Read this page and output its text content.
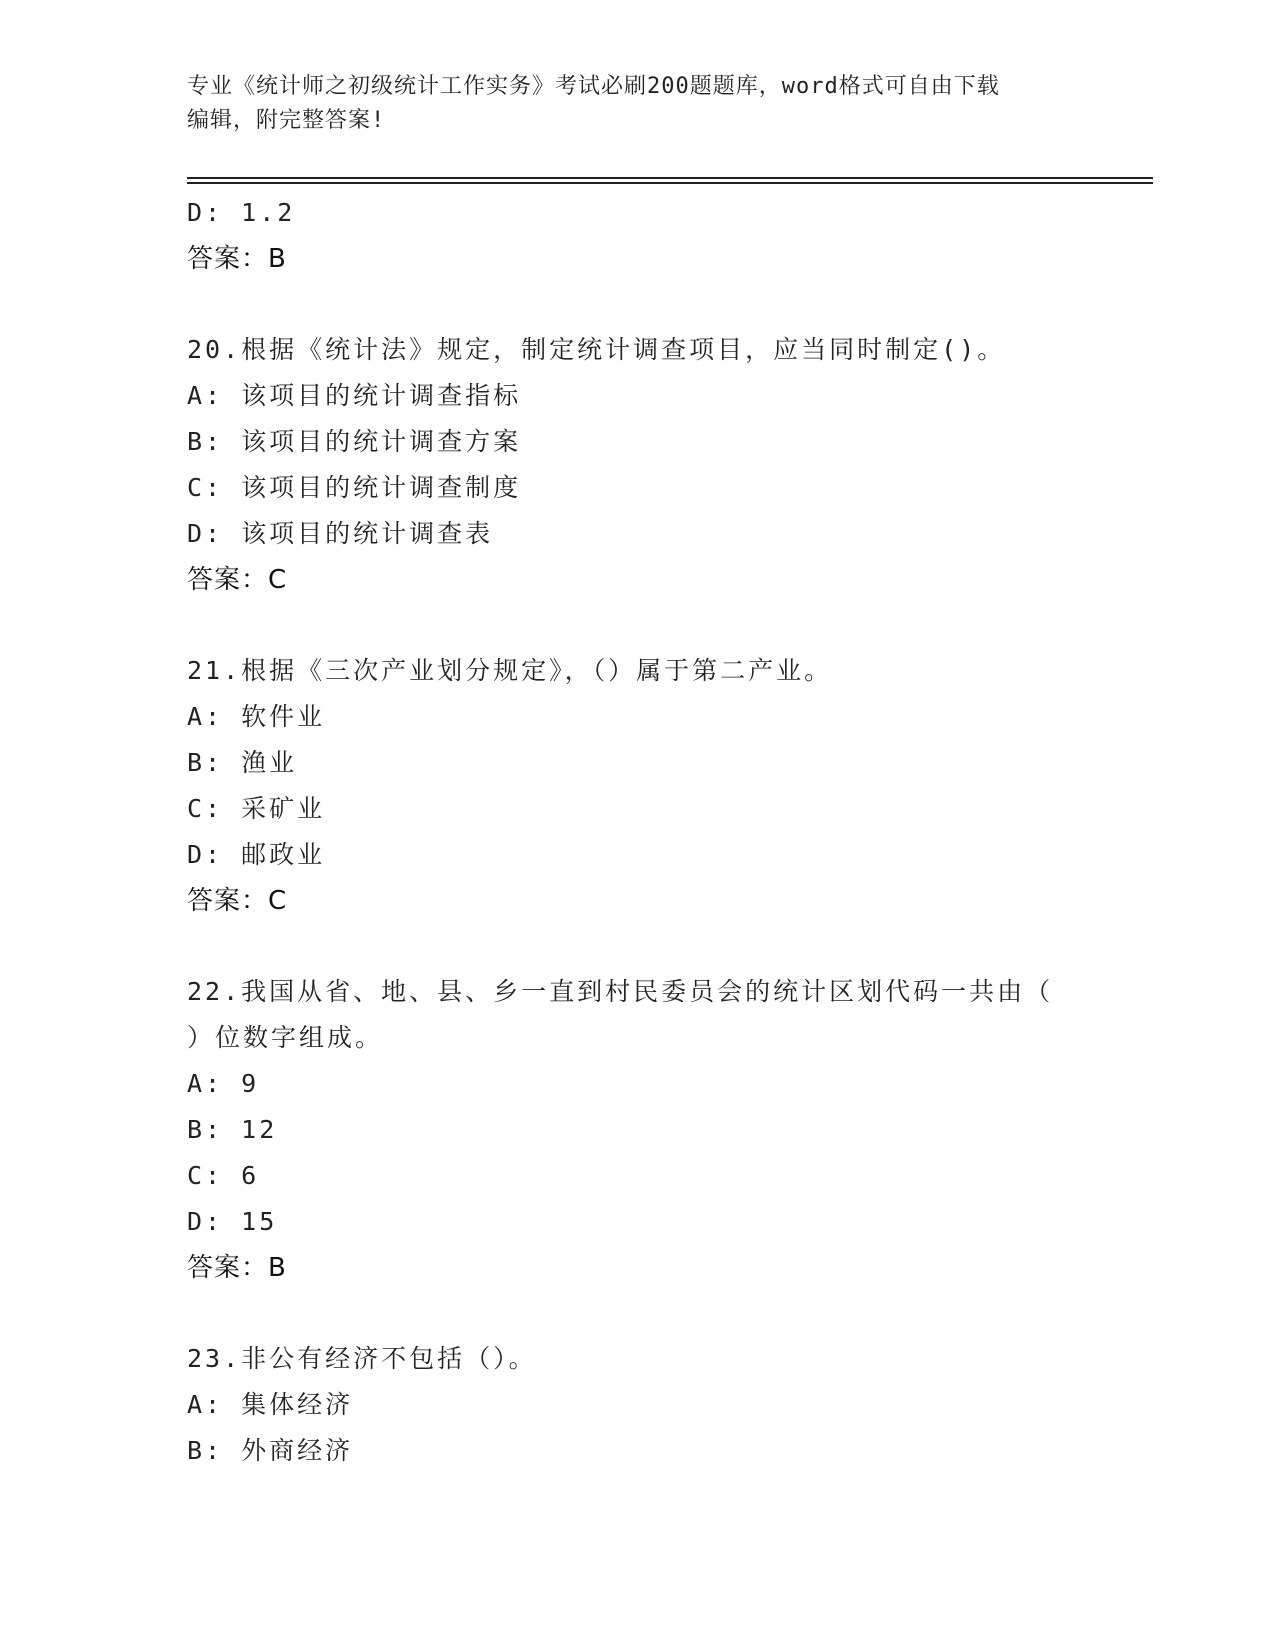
专业《统计师之初级统计工作实务》考试必刷200题题库，word格式可自由下载
编辑，附完整答案!
D: 1.2
答案：B
20.根据《统计法》规定，制定统计调查项目，应当同时制定()。
A: 该项目的统计调查指标
B: 该项目的统计调查方案
C: 该项目的统计调查制度
D: 该项目的统计调查表
答案：C
21.根据《三次产业划分规定》，（）属于第二产业。
A: 软件业
B: 渔业
C: 采矿业
D: 邮政业
答案：C
22.我国从省、地、县、乡一直到村民委员会的统计区划代码一共由（
）位数字组成。
A: 9
B: 12
C: 6
D: 15
答案：B
23.非公有经济不包括（）。
A: 集体经济
B: 外商经济
